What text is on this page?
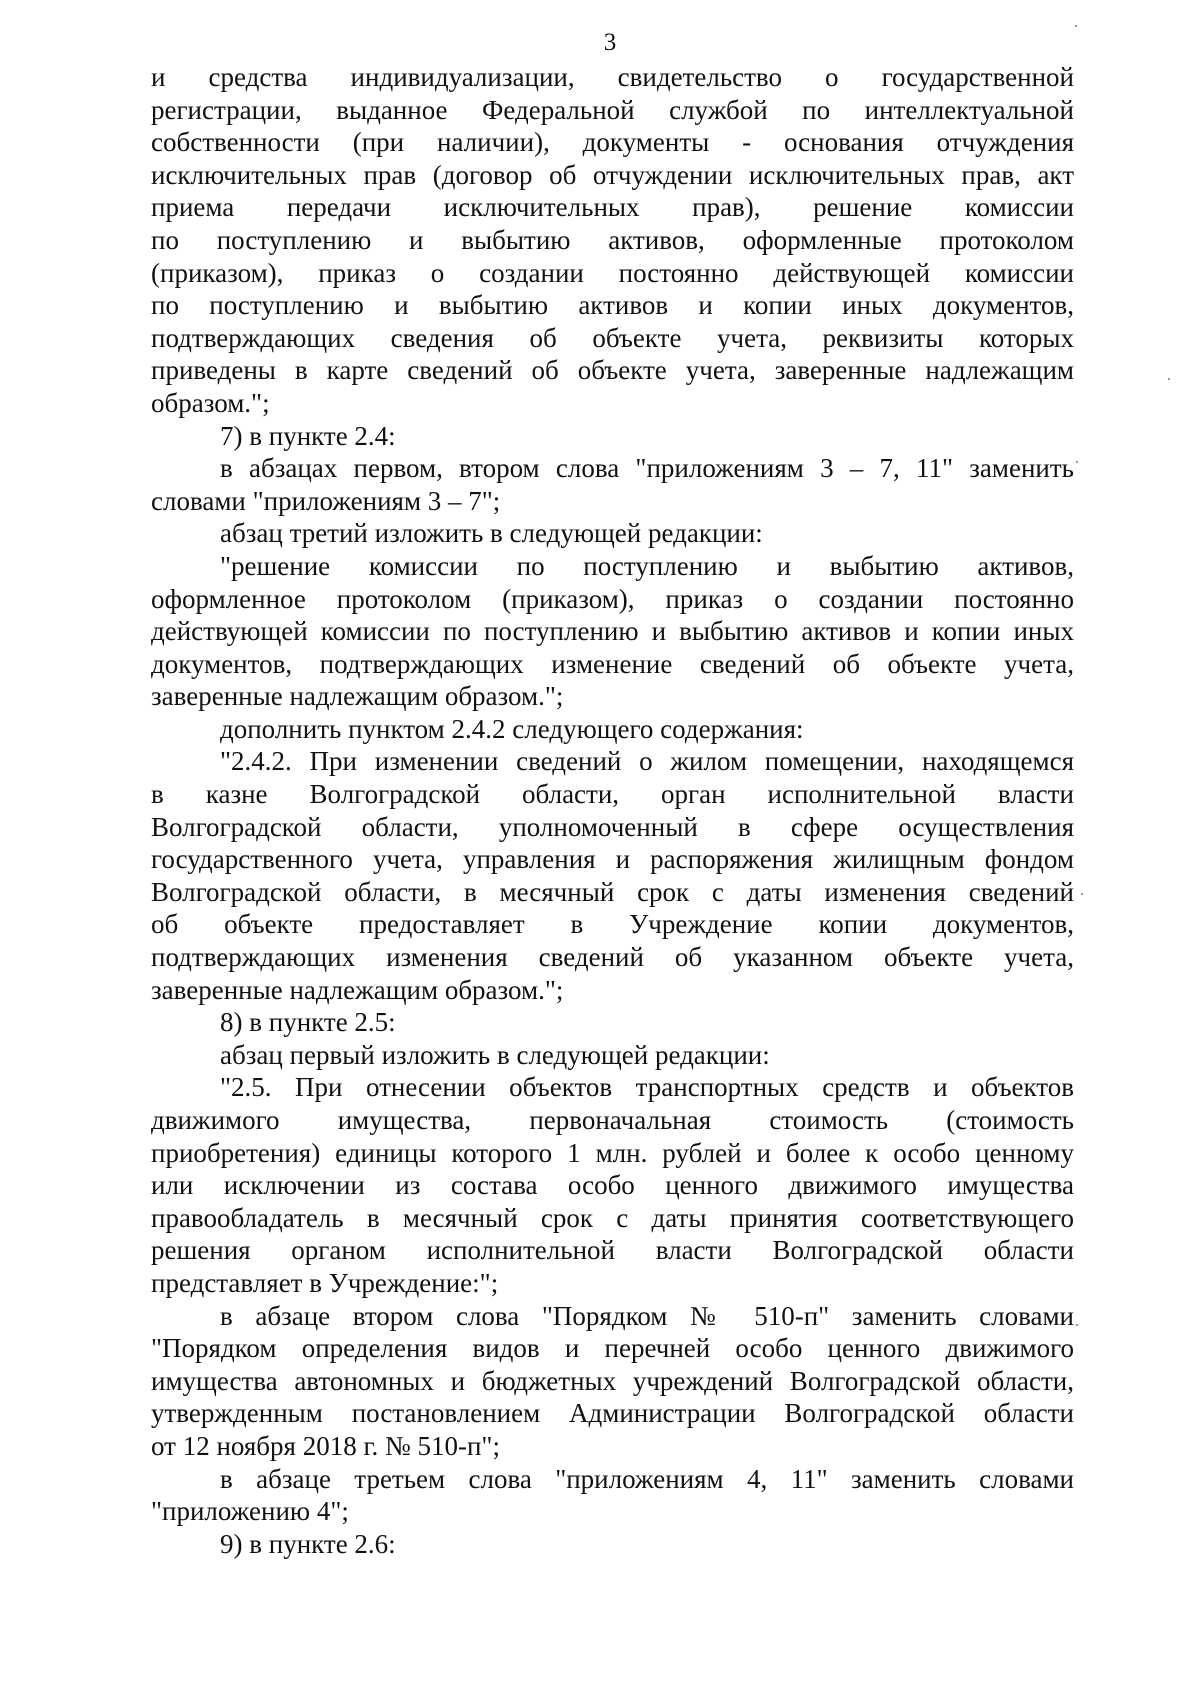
3
и средства индивидуализации, свидетельство о государственной
регистрации, выданное Федеральной службой по интеллектуальной
собственности (при наличии), документы - основания отчуждения
исключительных прав (договор об отчуждении исключительных прав, акт
приема передачи исключительных прав), решение комиссии
по поступлению и выбытию активов, оформленные протоколом
(приказом), приказ о создании постоянно действующей комиссии
по поступлению и выбытию активов и копии иных документов,
подтверждающих сведения об объекте учета, реквизиты которых
приведены в карте сведений об объекте учета, заверенные надлежащим
образом.";
7) в пункте 2.4:
в абзацах первом, втором слова "приложениям 3 – 7, 11" заменить
словами "приложениям 3 – 7";
абзац третий изложить в следующей редакции:
"решение комиссии по поступлению и выбытию активов,
оформленное протоколом (приказом), приказ о создании постоянно
действующей комиссии по поступлению и выбытию активов и копии иных
документов, подтверждающих изменение сведений об объекте учета,
заверенные надлежащим образом.";
дополнить пунктом 2.4.2 следующего содержания:
"2.4.2. При изменении сведений о жилом помещении, находящемся
в казне Волгоградской области, орган исполнительной власти
Волгоградской области, уполномоченный в сфере осуществления
государственного учета, управления и распоряжения жилищным фондом
Волгоградской области, в месячный срок с даты изменения сведений
об объекте предоставляет в Учреждение копии документов,
подтверждающих изменения сведений об указанном объекте учета,
заверенные надлежащим образом.";
8) в пункте 2.5:
абзац первый изложить в следующей редакции:
"2.5. При отнесении объектов транспортных средств и объектов
движимого имущества, первоначальная стоимость (стоимость
приобретения) единицы которого 1 млн. рублей и более к особо ценному
или исключении из состава особо ценного движимого имущества
правообладатель в месячный срок с даты принятия соответствующего
решения органом исполнительной власти Волгоградской области
представляет в Учреждение:";
в абзаце втором слова "Порядком № 510-п" заменить словами
"Порядком определения видов и перечней особо ценного движимого
имущества автономных и бюджетных учреждений Волгоградской области,
утвержденным постановлением Администрации Волгоградской области
от 12 ноября 2018 г. № 510-п";
в абзаце третьем слова "приложениям 4, 11" заменить словами
"приложению 4";
9) в пункте 2.6:
